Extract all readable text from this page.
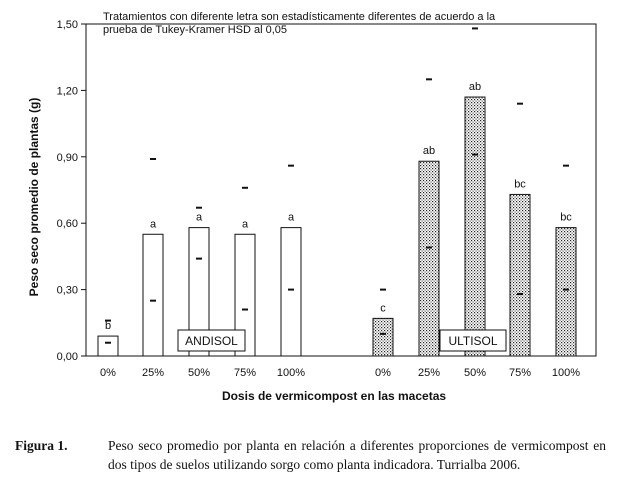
0,00
0,30
0,60
0,90
1,20
1,50
b
a
a
a
a
c
ab
ab
bc
bc
ANDISOL	ULTISOL
0% 25% 50% 75% 100%	0% 25% 50% 75% 100%
Tratamientos con diferente letra son estadísticamente diferentes de acuerdo a la
prueba de Tukey-Kramer HSD al 0,05
Peso seco promedio de plantas (g)
Dosis de vermicompost en las macetas
Figura 1.	Peso seco promedio por planta en relación a diferentes proporciones de vermicompost en dos tipos de suelos utilizando sorgo como planta indicadora. Turrialba 2006.
